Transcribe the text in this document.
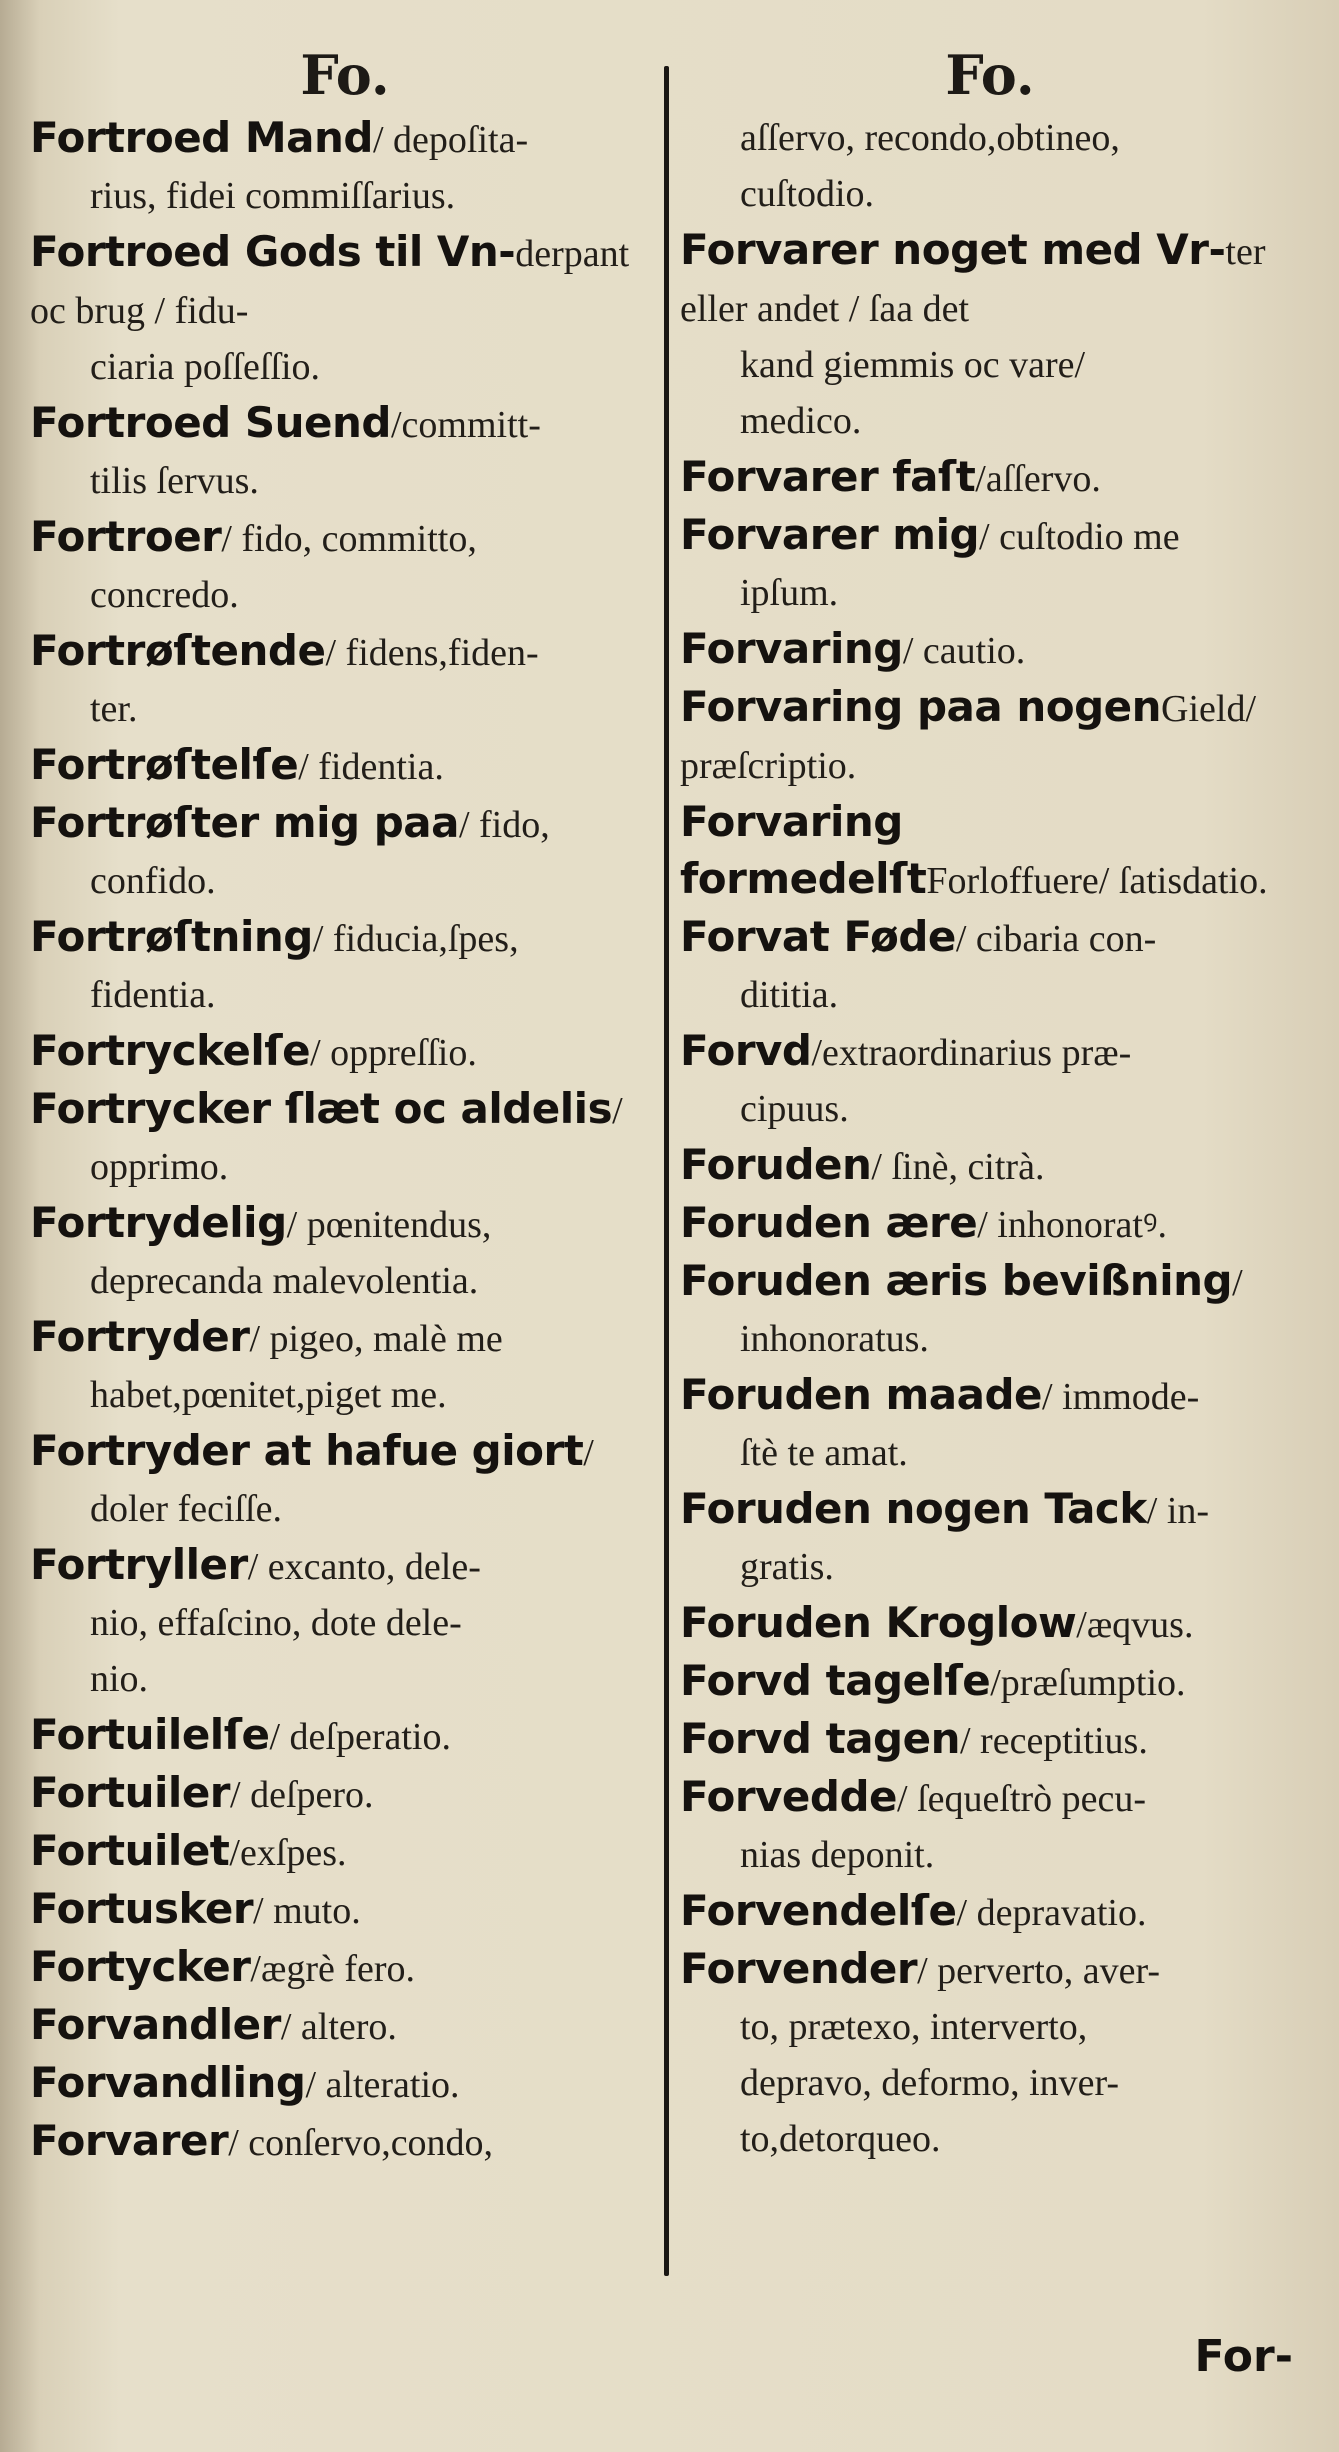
Fo.
Fortroed Mand/ depoſita-
rius, fidei commiſſarius.
Fortroed Gods til Vn-derpant oc brug / fidu-
ciaria poſſeſſio.
Fortroed Suend/committ-
tilis ſervus.
Fortroer/ fido, committo,
concredo.
Fortrøſtende/ fidens,fiden-
ter.
Fortrøſtelſe/ fidentia.
Fortrøſter mig paa/ fido,
confido.
Fortrøſtning/ fiducia,ſpes,
fidentia.
Fortryckelſe/ oppreſſio.
Fortrycker ſlæt oc aldelis/
opprimo.
Fortrydelig/ pœnitendus,
deprecanda malevolentia.
Fortryder/ pigeo, malè me
habet,pœnitet,piget me.
Fortryder at hafue giort/
doler feciſſe.
Fortryller/ excanto, dele-
nio, effaſcino, dote dele-
nio.
Fortuilelſe/ deſperatio.
Fortuiler/ deſpero.
Fortuilet/exſpes.
Fortusker/ muto.
Fortycker/ægrè fero.
Forvandler/ altero.
Forvandling/ alteratio.
Forvarer/ conſervo,condo,
Fo.
aſſervo, recondo,obtineo,
cuſtodio.
Forvarer noget med Vr-ter eller andet / ſaa det
kand giemmis oc vare/
medico.
Forvarer faſt/aſſervo.
Forvarer mig/ cuſtodio me
ipſum.
Forvaring/ cautio.
Forvaring paa nogenGield/ præſcriptio.
Forvaring formedelſtForloffuere/ ſatisdatio.
Forvat Føde/ cibaria con-
dititia.
Forvd/extraordinarius præ-
cipuus.
Foruden/ ſinè, citrà.
Foruden ære/ inhonoratꝰ.
Foruden æris bevißning/
inhonoratus.
Foruden maade/ immode-
ſtè te amat.
Foruden nogen Tack/ in-
gratis.
Foruden Kroglow/æqvus.
Forvd tagelſe/præſumptio.
Forvd tagen/ receptitius.
Forvedde/ ſequeſtrò pecu-
nias deponit.
Forvendelſe/ depravatio.
Forvender/ perverto, aver-
to, prætexo, interverto,
depravo, deformo, inver-
to,detorqueo.
For-
